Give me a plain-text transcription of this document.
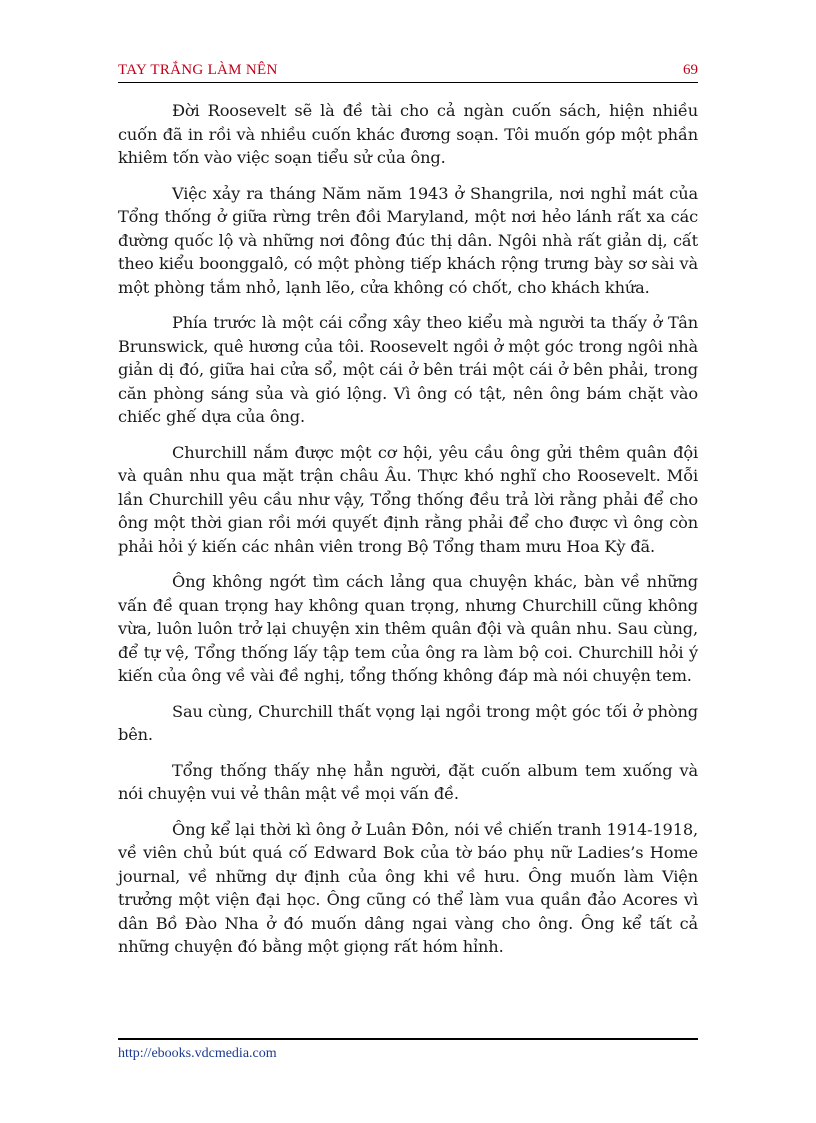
TAY TRẮNG LÀM NÊN	69

Đời Roosevelt sẽ là đề tài cho cả ngàn cuốn sách, hiện nhiều cuốn đã in rồi và nhiều cuốn khác đương soạn. Tôi muốn góp một phần khiêm tốn vào việc soạn tiểu sử của ông.

Việc xảy ra tháng Năm năm 1943 ở Shangrila, nơi nghỉ mát của Tổng thống ở giữa rừng trên đồi Maryland, một nơi hẻo lánh rất xa các đường quốc lộ và những nơi đông đúc thị dân. Ngôi nhà rất giản dị, cất theo kiểu boonggalô, có một phòng tiếp khách rộng trưng bày sơ sài và một phòng tắm nhỏ, lạnh lẽo, cửa không có chốt, cho khách khứa.

Phía trước là một cái cổng xây theo kiểu mà người ta thấy ở Tân Brunswick, quê hương của tôi. Roosevelt ngồi ở một góc trong ngôi nhà giản dị đó, giữa hai cửa sổ, một cái ở bên trái một cái ở bên phải, trong căn phòng sáng sủa và gió lộng. Vì ông có tật, nên ông bám chặt vào chiếc ghế dựa của ông.

Churchill nắm được một cơ hội, yêu cầu ông gửi thêm quân đội và quân nhu qua mặt trận châu Âu. Thực khó nghĩ cho Roosevelt. Mỗi lần Churchill yêu cầu như vậy, Tổng thống đều trả lời rằng phải để cho ông một thời gian rồi mới quyết định rằng phải để cho được vì ông còn phải hỏi ý kiến các nhân viên trong Bộ Tổng tham mưu Hoa Kỳ đã.

Ông không ngớt tìm cách lảng qua chuyện khác, bàn về những vấn đề quan trọng hay không quan trọng, nhưng Churchill cũng không vừa, luôn luôn trở lại chuyện xin thêm quân đội và quân nhu. Sau cùng, để tự vệ, Tổng thống lấy tập tem của ông ra làm bộ coi. Churchill hỏi ý kiến của ông về vài đề nghị, tổng thống không đáp mà nói chuyện tem.

Sau cùng, Churchill thất vọng lại ngồi trong một góc tối ở phòng bên.

Tổng thống thấy nhẹ hẳn người, đặt cuốn album tem xuống và nói chuyện vui vẻ thân mật về mọi vấn đề.

Ông kể lại thời kì ông ở Luân Đôn, nói về chiến tranh 1914-1918, về viên chủ bút quá cố Edward Bok của tờ báo phụ nữ Ladies’s Home journal, về những dự định của ông khi về hưu. Ông muốn làm Viện trưởng một viện đại học. Ông cũng có thể làm vua quần đảo Acores vì dân Bồ Đào Nha ở đó muốn dâng ngai vàng cho ông. Ông kể tất cả những chuyện đó bằng một giọng rất hóm hỉnh.

http://ebooks.vdcmedia.com
